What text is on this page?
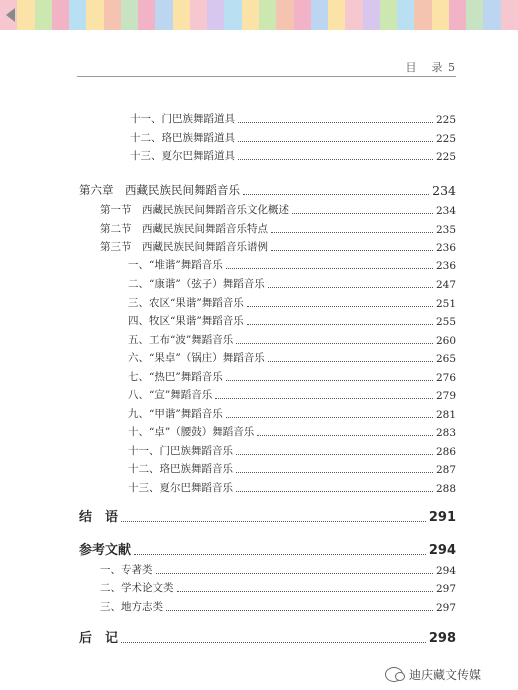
目 录 5
十一、门巴族舞蹈道具	225
十二、珞巴族舞蹈道具	225
十三、夏尔巴舞蹈道具	225
第六章　西藏民族民间舞蹈音乐	234
第一节　西藏民族民间舞蹈音乐文化概述	234
第二节　西藏民族民间舞蹈音乐特点	235
第三节　西藏民族民间舞蹈音乐谱例	236
一、“堆谐”舞蹈音乐	236
二、“康谐”（弦子）舞蹈音乐	247
三、农区“果谐”舞蹈音乐	251
四、牧区“果谐”舞蹈音乐	255
五、工布“波”舞蹈音乐	260
六、“果卓”（锅庄）舞蹈音乐	265
七、“热巴”舞蹈音乐	276
八、“宣”舞蹈音乐	279
九、“甲谐”舞蹈音乐	281
十、“卓”（腰鼓）舞蹈音乐	283
十一、门巴族舞蹈音乐	286
十二、珞巴族舞蹈音乐	287
十三、夏尔巴舞蹈音乐	288
结　语	291
参考文献	294
一、专著类	294
二、学术论文类	297
三、地方志类	297
后　记	298
迪庆藏文传媒
